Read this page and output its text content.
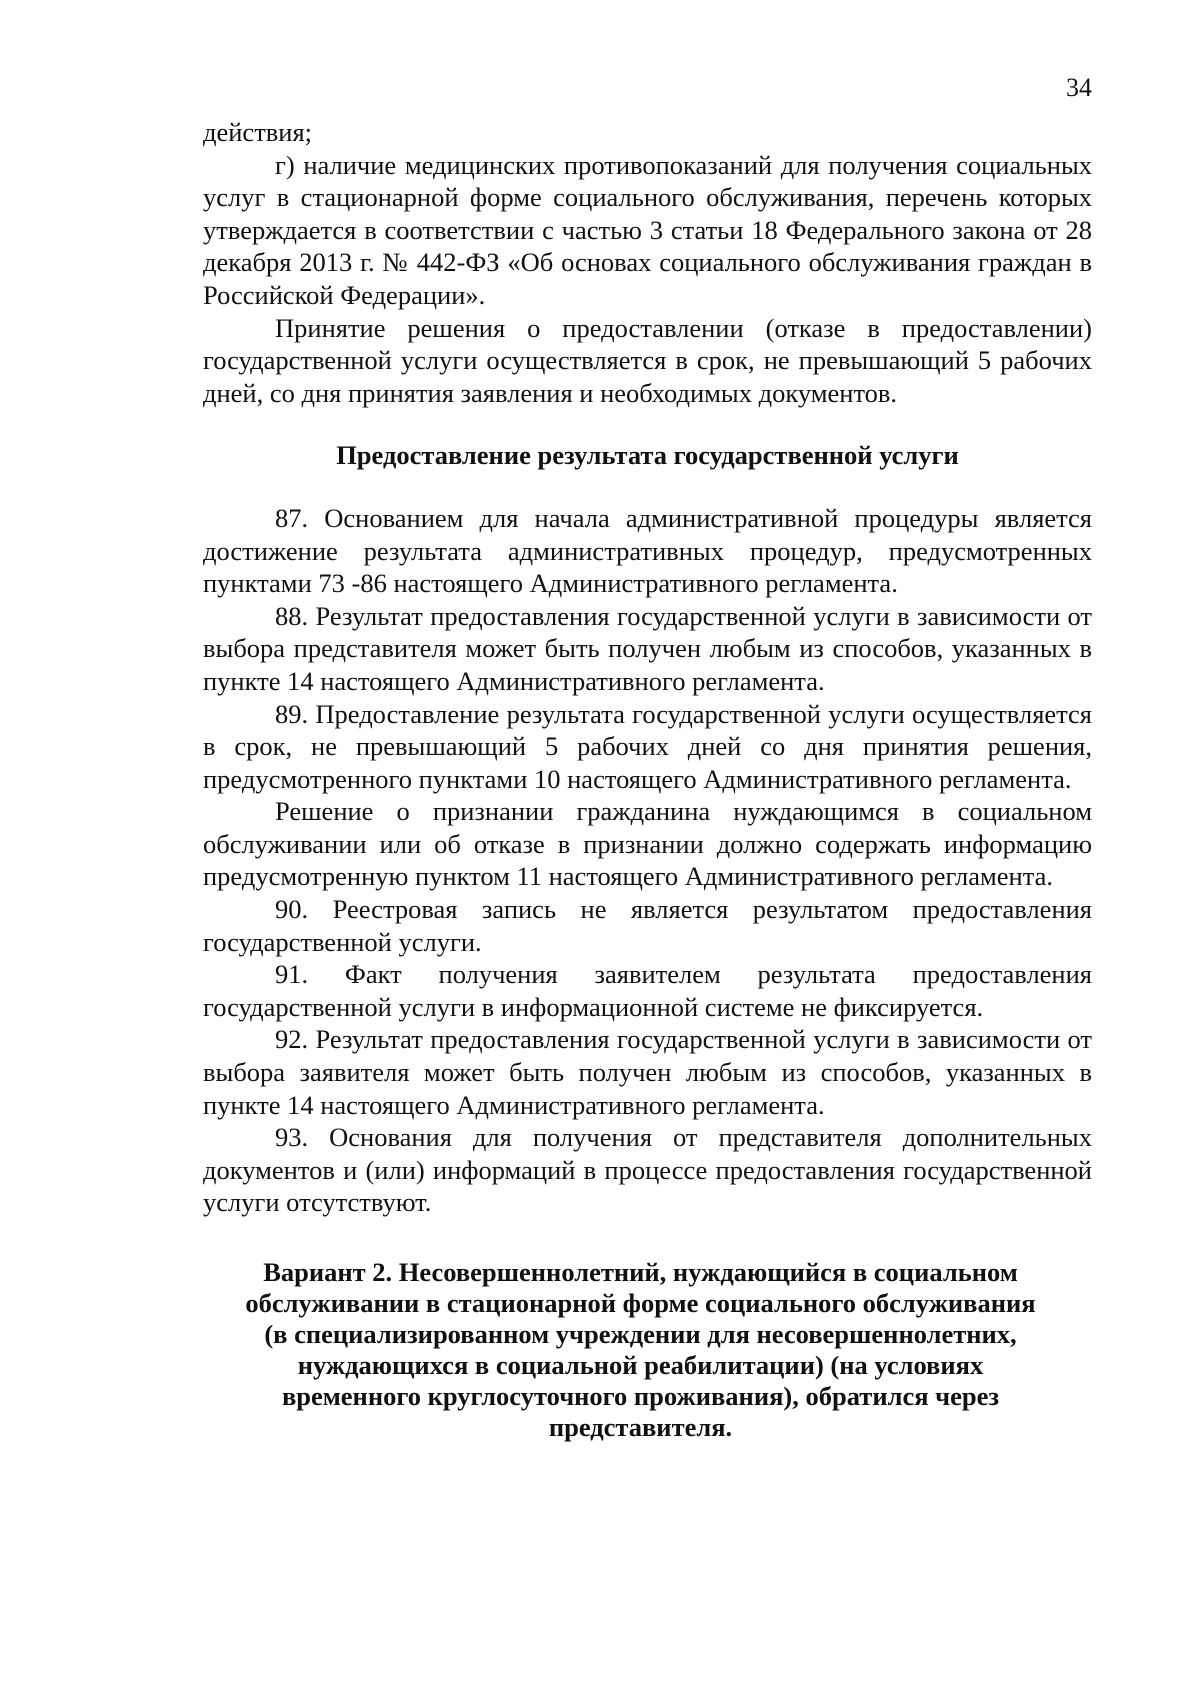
34

действия;

г) наличие медицинских противопоказаний для получения социальных услуг в стационарной форме социального обслуживания, перечень которых утверждается в соответствии с частью 3 статьи 18 Федерального закона от 28 декабря 2013 г. № 442-ФЗ «Об основах социального обслуживания граждан в Российской Федерации».

Принятие решения о предоставлении (отказе в предоставлении) государственной услуги осуществляется в срок, не превышающий 5 рабочих дней, со дня принятия заявления и необходимых документов.

Предоставление результата государственной услуги

87. Основанием для начала административной процедуры является достижение результата административных процедур, предусмотренных пунктами 73 -86 настоящего Административного регламента.

88. Результат предоставления государственной услуги в зависимости от выбора представителя может быть получен любым из способов, указанных в пункте 14 настоящего Административного регламента.

89. Предоставление результата государственной услуги осуществляется в срок, не превышающий 5 рабочих дней со дня принятия решения, предусмотренного пунктами 10 настоящего Административного регламента.

Решение о признании гражданина нуждающимся в социальном обслуживании или об отказе в признании должно содержать информацию предусмотренную пунктом 11 настоящего Административного регламента.

90. Реестровая запись не является результатом предоставления государственной услуги.

91. Факт получения заявителем результата предоставления государственной услуги в информационной системе не фиксируется.

92. Результат предоставления государственной услуги в зависимости от выбора заявителя может быть получен любым из способов, указанных в пункте 14 настоящего Административного регламента.

93. Основания для получения от представителя дополнительных документов и (или) информаций в процессе предоставления государственной услуги отсутствуют.

Вариант 2. Несовершеннолетний, нуждающийся в социальном
обслуживании в стационарной форме социального обслуживания
(в специализированном учреждении для несовершеннолетних,
нуждающихся в социальной реабилитации) (на условиях
временного круглосуточного проживания), обратился через
представителя.
